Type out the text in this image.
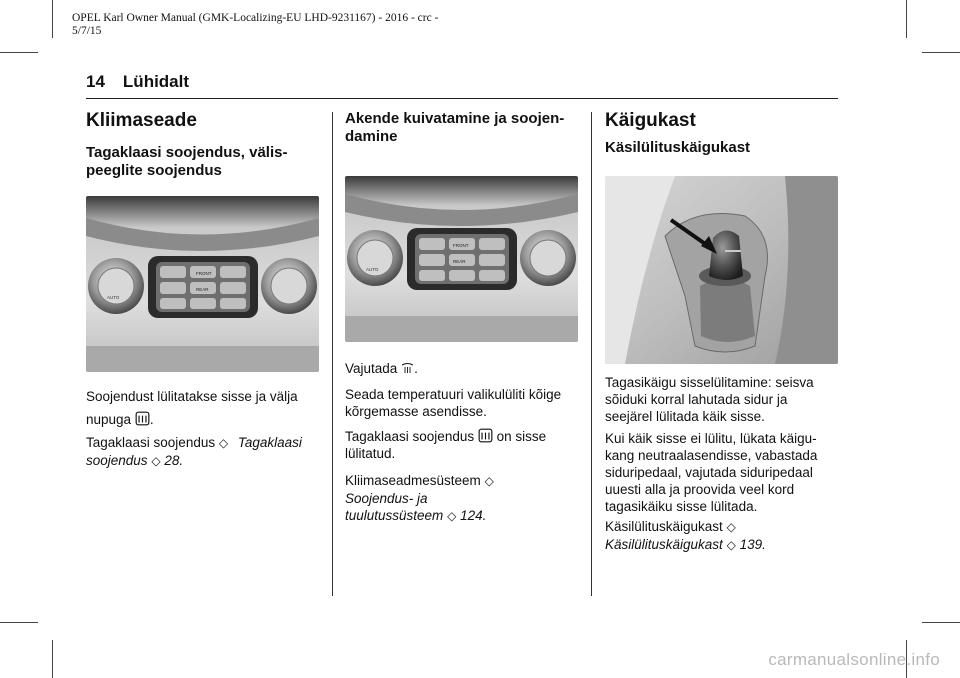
OPEL Karl Owner Manual (GMK-Localizing-EU LHD-9231167) - 2016 - crc -
5/7/15
14 Lühidalt
Kliimaseade
Tagaklaasi soojendus, välis-
peeglite soojendus
FRONT
REAR
AUTO
Soojendust lülitatakse sisse ja välja
nupuga .
Tagaklaasi soojendus ◇ Tagaklaasi
soojendus ◇ 28.
Akende kuivatamine ja soojen-
damine
FRONT
REAR
AUTO
Vajutada .
Seada temperatuuri valikulüliti kõige
kõrgemasse asendisse.
Tagaklaasi soojendus on sisse
lülitatud.
Kliimaseadmesüsteem ◇
Soojendus- ja
tuulutussüsteem ◇ 124.
Käigukast
Käsilülituskäigukast
Tagasikäigu sisselülitamine: seisva
sõiduki korral lahutada sidur ja
seejärel lülitada käik sisse.
Kui käik sisse ei lülitu, lükata käigu-
kang neutraalasendisse, vabastada
siduripedaal, vajutada siduripedaal
uuesti alla ja proovida veel kord
tagasikäiku sisse lülitada.
Käsilülituskäigukast ◇
Käsilülituskäigukast ◇ 139.
carmanualsonline.info
